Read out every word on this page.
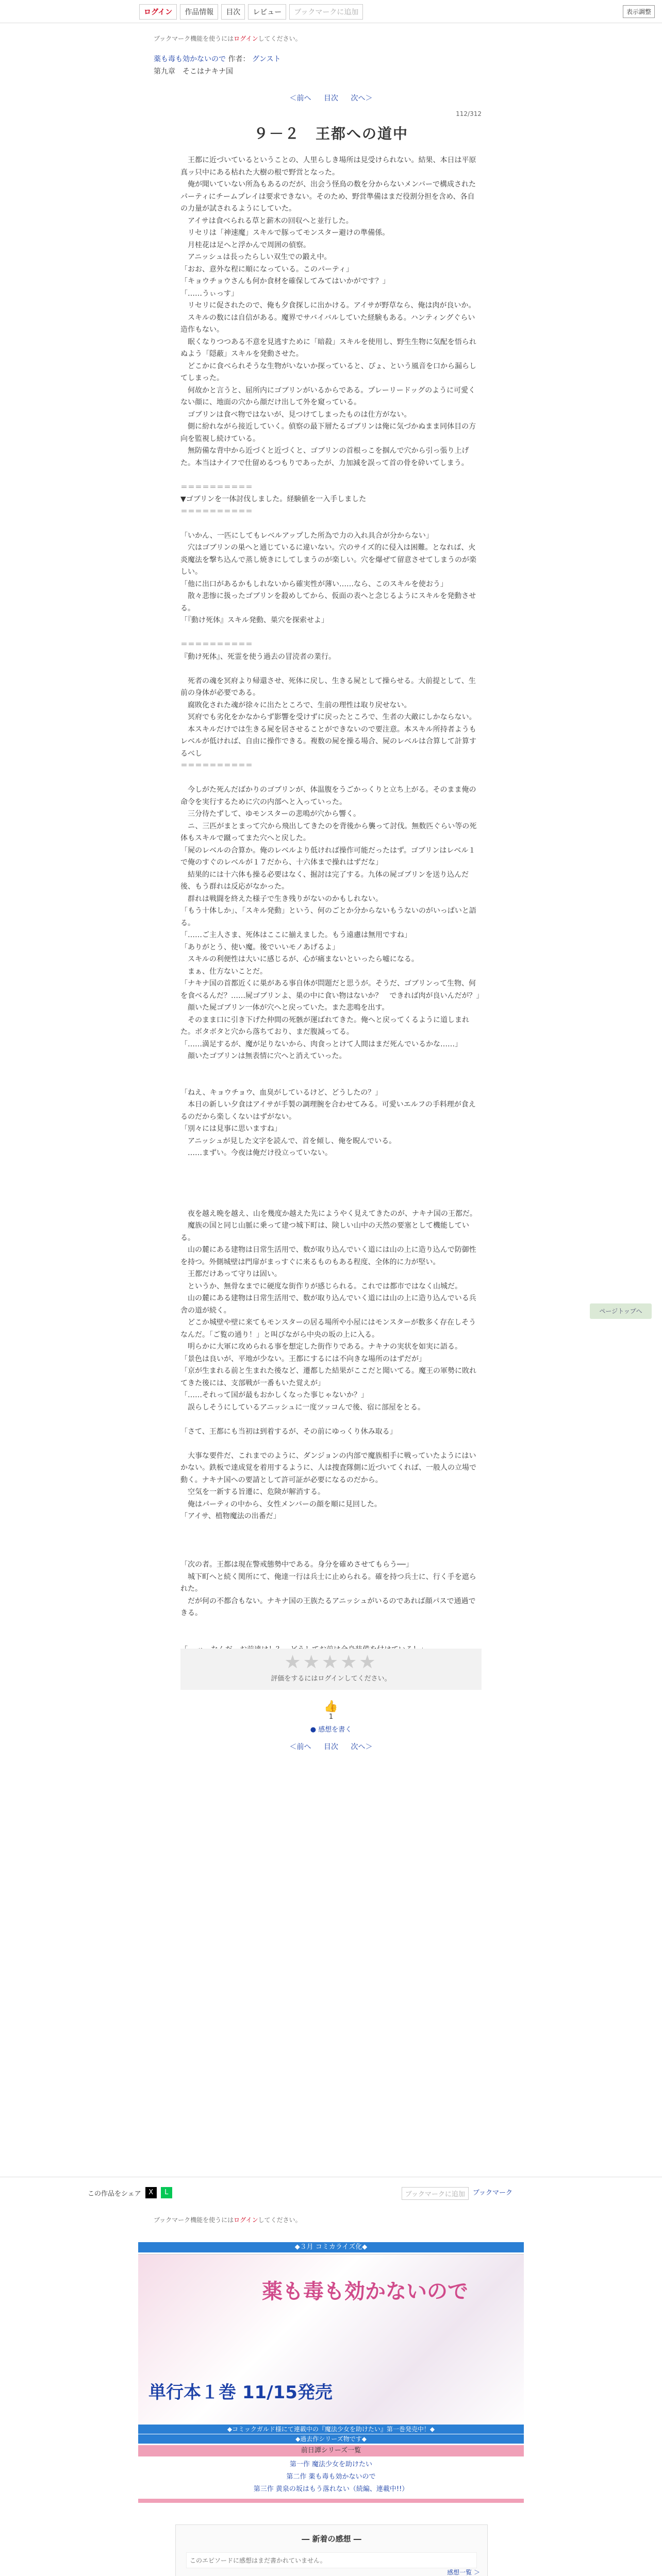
ログイン	作品情報	目次	レビュー	ブックマークに追加	表示調整
ブックマーク機能を使うにはログインしてください。
薬も毒も効かないので 作者： グンスト
第九章　そこはナキナ国
＜前へ 目次 次へ＞
112/312
９－２　王都への道中

　王都に近づいているということの、人里らしき場所は見受けられない。結果、本日は平原真ッ只中にある枯れた大樹の根で野営となった。

　俺が聞いていない所為もあるのだが、出会う怪鳥の数を分からないメンバーで構成されたパーティにチームプレイは要求できない。そのため、野営準備はまだ役割分担を含め、各自の力量が試されるようにしていた。

　アイサは食べられる草と薪木の回収へと並行した。

　リセリは「神速魔」スキルで豚ってモンスター避けの準備係。

　月桂花は足へと浮かんで周囲の偵察。

　アニッシュは長ったらしい双生での鍛え中。

「おお、意外な程に順になっている。このパーティ」

「キョウチョウさんも何か食材を確保してみてはいかがです？」

「……うぃっす」

　リセリに促されたので、俺も夕食探しに出かける。アイサが野草なら、俺は肉が良いか。

　スキルの数には自信がある。魔界でサバイバルしていた経験もある。ハンティングぐらい造作もない。

　眠くなりつつある不意を見逃すために「暗殺」スキルを使用し、野生生物に気配を悟られぬよう「隠蔽」スキルを発動させた。

　どこかに食べられそうな生物がいないか探っていると、ぴょ、という風音を口から漏らしてしまった。

　何故かと言うと、屈所内にゴブリンがいるからである。プレーリードッグのように可愛くない顔に、地面の穴から顔だけ出して外を窺っている。

　ゴブリンは食べ物ではないが、見つけてしまったものは仕方がない。

　側に紛れながら接近していく。偵察の最下層たるゴブリンは俺に気づかぬまま同体目の方向を監視し続けている。

　無防備な背中から近づくと近づくと、ゴブリンの首根っこを掴んで穴から引っ張り上げた。本当はナイフで仕留めるつもりであったが、力加減を誤って首の骨を砕いてしまう。

＝＝＝＝＝＝＝＝＝＝

▼ゴブリンを一体討伐しました。経験値を一入手しました

＝＝＝＝＝＝＝＝＝＝

「いかん、一匹にしてもレベルアップした所為で力の入れ具合が分からない」

　穴はゴブリンの巣へと通じているに違いない。穴のサイズ的に侵入は困難。となれば、火炎魔法を撃ち込んで蒸し焼きにしてしまうのが楽しい。穴を爆ぜて留意させてしまうのが楽しい。

「他に出口があるかもしれないから確実性が薄い……なら、このスキルを使おう」

　散々悲惨に扱ったゴブリンを殺めしてから、仮面の表へと念じるようにスキルを発動させる。

「『動け死体』スキル発動、巣穴を探索せよ」

＝＝＝＝＝＝＝＝＝＝

『動け死体』、死霊を使う過去の冒涜者の業行。

　死者の魂を冥府より帰還させ、死体に戻し、生きる屍として操らせる。大前提として、生前の身体が必要である。

　腐敗化された魂が徐々に出たところで、生前の理性は取り戻せない。

　冥府でも劣化をかなからず影響を受けずに戻ったところで、生者の大敵にしかならない。

　本スキルだけでは生きる屍を居させることができないので要注意。本スキル所持者ようもレベルが低ければ、自由に操作できる。複数の屍を操る場合、屍のレベルは合算して計算するべし

＝＝＝＝＝＝＝＝＝＝

　今しがた死んだばかりのゴブリンが、体温腹をうごかっくりと立ち上がる。そのまま俺の命令を実行するために穴の内部へと入っていった。

　三分待たずして、ゆモンスターの悲鳴が穴から響く。

　ニ、三匹がまとまって穴から飛出してきたのを背後から襲って討伐。無数匹ぐらい等の死体もスキルで蹴ってまた穴へと戻した。

「屍のレベルの合算か。俺のレベルより低ければ操作可能だったはず。ゴブリンはレベル１で俺のすぐのレベルが１７だから、十六体まで操れはずだな」

　結果的には十六体も操る必要はなく、掘討は完了する。九体の屍ゴブリンを送り込んだ後、もう群れは反応がなかった。

　群れは戦闘を終えた様子で生き残りがないのかもしれない。

「もう十体しか」、「スキル発動」という、何のごとか分からないもうないのがいっぱいと語る。

「……ご主人さま、死体はここに揃えました。もう遠慮は無用ですね」

「ありがとう、使い魔。後でいいモノあげるよ」

　スキルの利便性は大いに感じるが、心が痛まないといったら嘘になる。

　まぁ、仕方ないことだ。

「ナキナ国の首都近くに巣がある事自体が問題だと思うが。そうだ、ゴブリンって生物、何を食べるんだ？……屍ゴブリンよ、巣の中に食い物はないか？　できれば肉が良いんだが？」

　顔いた屍ゴブリン一体が穴へと戻っていた。また悲鳴を出す。

　そのまま口に引き下げた仲間の死骸が運ばれてきた。俺へと戻ってくるように道しまれた。ボタボタと穴から落ちており、まだ腹減ってる。

「……満足するが、魔が足りないから、肉食っとけて人間はまだ死んでいるかな……」

　顔いたゴブリンは無表情に穴へと消えていった。

「ねえ、キョウチョウ、血臭がしているけど、どうしたの？」

　本日の新しい夕食はアイサが手製の調理腕を合わせてみる。可愛いエルフの手料理が食えるのだから楽しくないはずがない。

「別々には見事に思いますね」

　アニッシュが見した文字を読んで、首を傾し、俺を睨んでいる。

　……まずい。今夜は俺だけ役立っていない。

　夜を越え晩を越え、山を幾度か越えた先にようやく見えてきたのが、ナキナ国の王都だ。

　魔族の国と同じ山脈に乗って建つ城下町は、険しい山中の天然の要塞として機能している。

　山の麓にある建物は日常生活用で、数が取り込んでいく道には山の上に造り込んで防御性を持つ。外側城壁は門扉がまっすぐに来るものもある程度、全体的に力が堅い。

　王都だけあって守りは固い。

　というか、無骨なまでに硬度な街作りが感じられる。これでは都市ではなく山城だ。

　山の麓にある建物は日常生活用で、数が取り込んでいく道には山の上に造り込んでいる兵舎の道が続く。

　どこか城壁や壁に来てもモンスターの居る場所や小屋にはモンスターが数多く存在しそうなんだ。「ご覧の通り！」と叫びながら中央の坂の上に入る。

　明らかに大軍に攻められる事を想定した街作りである。ナキナの実状を如実に語る。

「景色は良いが、平地が少ない。王都にするには不向きな場所のはずだが」

「京が生まれる前と生まれた後など、遷都した結果がここだと聞いてる。魔王の軍勢に敗れてきた後には、支部戦が一番もいた覚えが」

「……それって国が最もおかしくなった事じゃないか？」

　誤らしそうにしているアニッシュに一度ツッコんで後、宿に部屋をとる。

「さて、王都にも当初は到着するが、その前にゆっくり休み取る」

　大事な要件だ、これまでのように、ダンジョンの内部で魔族相手に戦っていたようにはいかない。鉄板で達成覚を着用するように、人は捜査隊側に近づいてくれば、一般人の立場で動く。ナキナ国への要請として許可証が必要になるのだから。

　空気を一新する旨遷に、危険が解消する。

　俺はパーティの中から、女性メンバーの顔を順に見回した。

「アイサ、植物魔法の出番だ」

「次の者。王都は現在警戒態勢中である。身分を確めさせてもらう──」

　城下町へと続く関所にて、俺達一行は兵士に止められる。確を持つ兵士に、行く手を遮られた。

　だが何の不都合もない。ナキナ国の王族たるアニッシュがいるのであれば顔パスで通過できる。

ページトップへ
★★★★★
評価をするにはログインしてください。
👍
1
● 感想を書く
＜前へ 目次 次へ＞
この作品をシェア	X	L	ブックマークに追加	ブックマーク
ブックマーク機能を使うにはログインしてください。
◆３月 コミカライズ化◆
薬も毒も効かないので
単行本１巻 11/15発売
◆コミックガルド様にて連載中の『魔法少女を助けたい』第一巻発売中！◆
◆過去作シリーズ物です◆
前日譚シリーズ一覧
第一作 魔法少女を助けたい
第二作 薬も毒も効かないので
第三作 黄泉の坂はもう落れない（続編、連載中!!）
― 新着の感想 ―
このエピソードに感想はまだ書かれていません。
感想一覧 ＞
